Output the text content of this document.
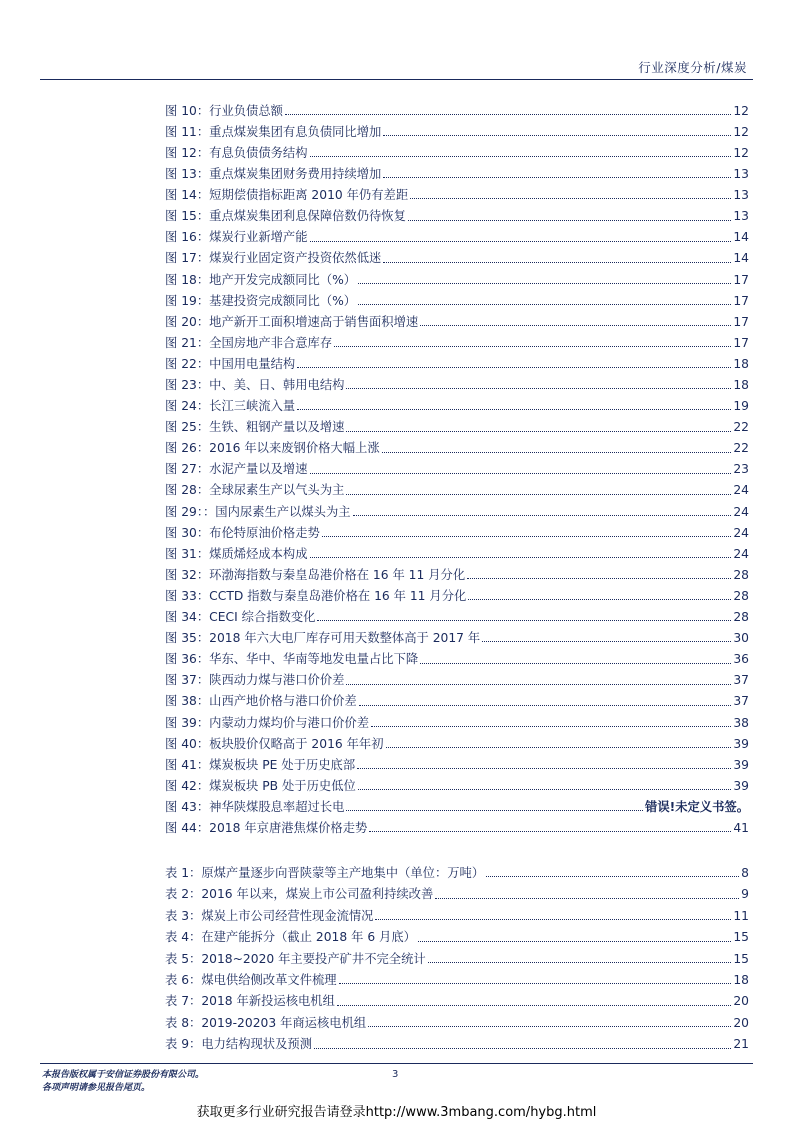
行业深度分析/煤炭
图 10：行业负债总额	12
图 11：重点煤炭集团有息负债同比增加	12
图 12：有息负债债务结构	12
图 13：重点煤炭集团财务费用持续增加	13
图 14：短期偿债指标距离 2010 年仍有差距	13
图 15：重点煤炭集团利息保障倍数仍待恢复	13
图 16：煤炭行业新增产能	14
图 17：煤炭行业固定资产投资依然低迷	14
图 18：地产开发完成额同比（%）	17
图 19：基建投资完成额同比（%）	17
图 20：地产新开工面积增速高于销售面积增速	17
图 21：全国房地产非合意库存	17
图 22：中国用电量结构	18
图 23：中、美、日、韩用电结构	18
图 24：长江三峡流入量	19
图 25：生铁、粗钢产量以及增速	22
图 26：2016 年以来废钢价格大幅上涨	22
图 27：水泥产量以及增速	23
图 28：全球尿素生产以气头为主	24
图 29：：国内尿素生产以煤头为主	24
图 30：布伦特原油价格走势	24
图 31：煤质烯烃成本构成	24
图 32：环渤海指数与秦皇岛港价格在 16 年 11 月分化	28
图 33：CCTD 指数与秦皇岛港价格在 16 年 11 月分化	28
图 34：CECI 综合指数变化	28
图 35：2018 年六大电厂库存可用天数整体高于 2017 年	30
图 36：华东、华中、华南等地发电量占比下降	36
图 37：陕西动力煤与港口价价差	37
图 38：山西产地价格与港口价价差	37
图 39：内蒙动力煤均价与港口价价差	38
图 40：板块股价仅略高于 2016 年年初	39
图 41：煤炭板块 PE 处于历史底部	39
图 42：煤炭板块 PB 处于历史低位	39
图 43：神华陕煤股息率超过长电	错误!未定义书签。
图 44：2018 年京唐港焦煤价格走势	41
表 1：原煤产量逐步向晋陕蒙等主产地集中（单位：万吨）	8
表 2：2016 年以来，煤炭上市公司盈利持续改善	9
表 3：煤炭上市公司经营性现金流情况	11
表 4：在建产能拆分（截止 2018 年 6 月底）	15
表 5：2018~2020 年主要投产矿井不完全统计	15
表 6：煤电供给侧改革文件梳理	18
表 7：2018 年新投运核电机组	20
表 8：2019-20203 年商运核电机组	20
表 9：电力结构现状及预测	21
本报告版权属于安信证券股份有限公司。
各项声明请参见报告尾页。
3
获取更多行业研究报告请登录http://www.3mbang.com/hybg.html
